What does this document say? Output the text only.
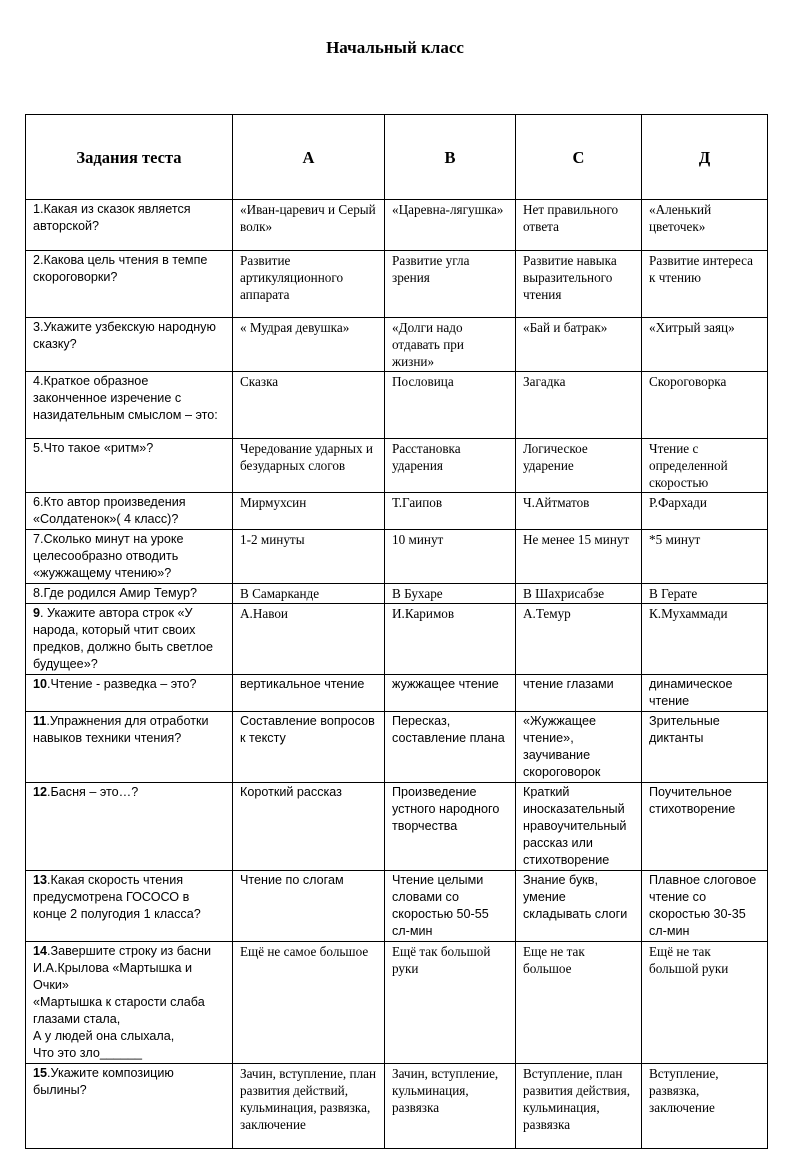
Начальный класс
Задания теста	А	В	С	Д
1.Какая из сказок является авторской?	«Иван-царевич и Серый волк»	«Царевна-лягушка»	Нет правильного ответа	«Аленький цветочек»
2.Какова цель чтения в темпе скороговорки?	Развитие артикуляционного аппарата	Развитие угла зрения	Развитие навыка выразительного чтения	Развитие интереса к чтению
3.Укажите узбекскую народную сказку?	« Мудрая девушка»	«Долги надо отдавать при жизни»	«Бай и батрак»	«Хитрый заяц»
4.Краткое образное законченное изречение с назидательным смыслом – это:	Сказка	Пословица	Загадка	Скороговорка
5.Что такое «ритм»?	Чередование ударных и безударных слогов	Расстановка ударения	Логическое ударение	Чтение с определенной скоростью
6.Кто автор произведения «Солдатенок»( 4 класс)?	Мирмухсин	Т.Гаипов	Ч.Айтматов	Р.Фархади
7.Сколько минут на уроке целесообразно отводить «жужжащему чтению»?	1-2 минуты	10 минут	Не менее 15 минут	*5 минут
8.Где родился Амир Темур?	В Самарканде	В Бухаре	В Шахрисабзе	В Герате
9. Укажите автора строк «У народа, который чтит своих предков, должно быть светлое будущее»?	А.Навои	И.Каримов	А.Темур	К.Мухаммади
10.Чтение - разведка – это?	вертикальное чтение	жужжащее чтение	чтение глазами	динамическое чтение
11.Упражнения для отработки навыков техники чтения?	Составление вопросов к тексту	Пересказ, составление плана	«Жужжащее чтение», заучивание скороговорок	Зрительные диктанты
12.Басня – это…?	Короткий рассказ	Произведение устного народного творчества	Краткий иносказательный нравоучительный рассказ или стихотворение	Поучительное стихотворение
13.Какая скорость чтения предусмотрена ГОСОСО в конце 2 полугодия 1 класса?	Чтение по слогам	Чтение целыми словами со скоростью 50-55 сл-мин	Знание букв, умение складывать слоги	Плавное слоговое чтение со скоростью 30-35 сл-мин
14.Завершите строку из басни И.А.Крылова «Мартышка и Очки»
«Мартышка к старости слаба глазами стала,
А у людей она слыхала,
Что это зло______	Ещё не самое большое	Ещё так большой руки	Еще не так большое	Ещё не так большой руки
15.Укажите композицию былины?	Зачин, вступление, план развития действий, кульминация, развязка, заключение	Зачин, вступление, кульминация, развязка	Вступление, план развития действия, кульминация, развязка	Вступление, развязка, заключение
